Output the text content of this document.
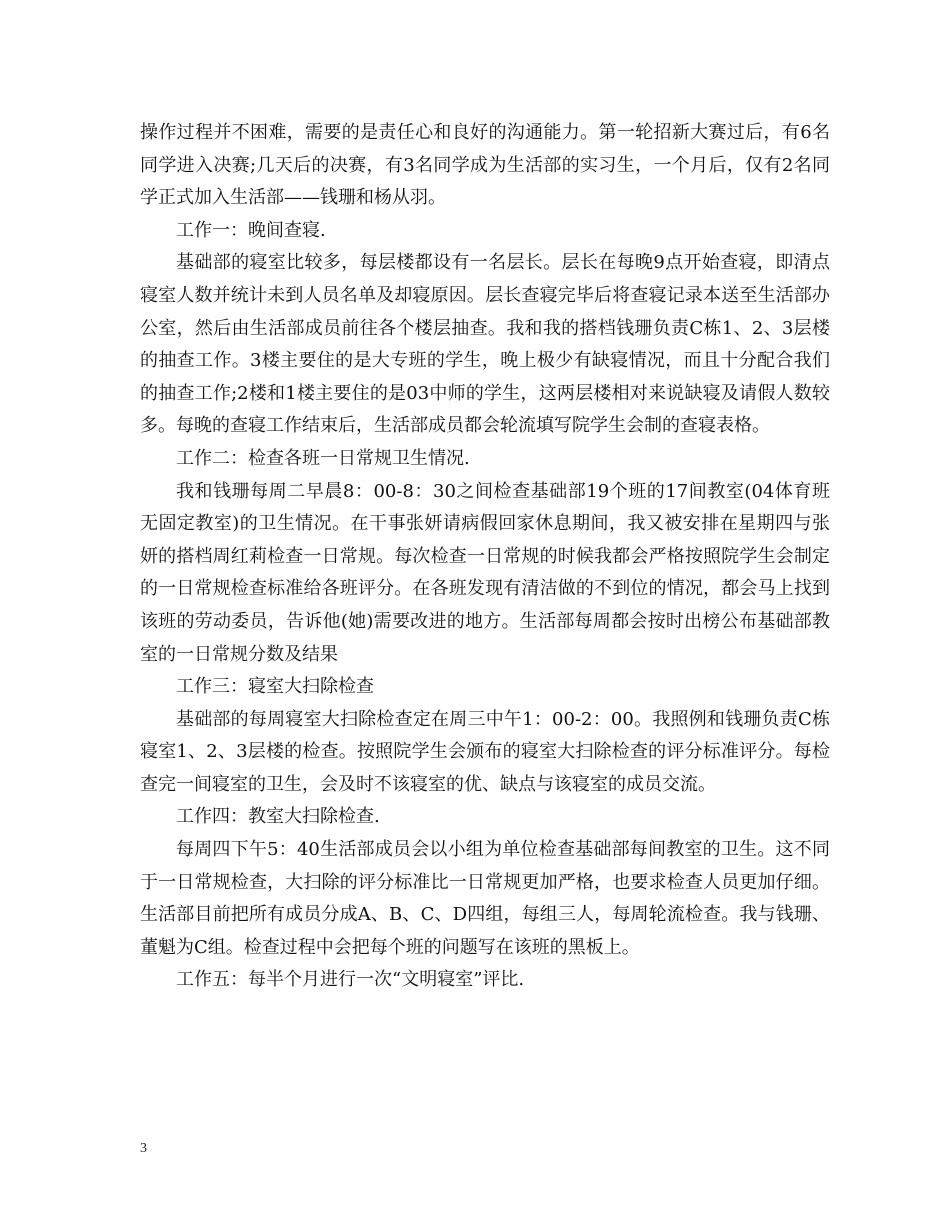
操作过程并不困难，需要的是责任心和良好的沟通能力。第一轮招新大赛过后，有6名同学进入决赛;几天后的决赛，有3名同学成为生活部的实习生，一个月后，仅有2名同学正式加入生活部——钱珊和杨从羽。

工作一：晚间查寝.

基础部的寝室比较多，每层楼都设有一名层长。层长在每晚9点开始查寝，即清点寝室人数并统计未到人员名单及却寝原因。层长查寝完毕后将查寝记录本送至生活部办公室，然后由生活部成员前往各个楼层抽查。我和我的搭档钱珊负责C栋1、2、3层楼的抽查工作。3楼主要住的是大专班的学生，晚上极少有缺寝情况，而且十分配合我们的抽查工作;2楼和1楼主要住的是03中师的学生，这两层楼相对来说缺寝及请假人数较多。每晚的查寝工作结束后，生活部成员都会轮流填写院学生会制的查寝表格。

工作二：检查各班一日常规卫生情况.

我和钱珊每周二早晨8：00-8：30之间检查基础部19个班的17间教室(04体育班无固定教室)的卫生情况。在干事张妍请病假回家休息期间，我又被安排在星期四与张妍的搭档周红莉检查一日常规。每次检查一日常规的时候我都会严格按照院学生会制定的一日常规检查标准给各班评分。在各班发现有清洁做的不到位的情况，都会马上找到该班的劳动委员，告诉他(她)需要改进的地方。生活部每周都会按时出榜公布基础部教室的一日常规分数及结果

工作三：寝室大扫除检查

基础部的每周寝室大扫除检查定在周三中午1：00-2：00。我照例和钱珊负责C栋寝室1、2、3层楼的检查。按照院学生会颁布的寝室大扫除检查的评分标准评分。每检查完一间寝室的卫生，会及时不该寝室的优、缺点与该寝室的成员交流。

工作四：教室大扫除检查.

每周四下午5：40生活部成员会以小组为单位检查基础部每间教室的卫生。这不同于一日常规检查，大扫除的评分标准比一日常规更加严格，也要求检查人员更加仔细。生活部目前把所有成员分成A、B、C、D四组，每组三人，每周轮流检查。我与钱珊、董魁为C组。检查过程中会把每个班的问题写在该班的黑板上。

工作五：每半个月进行一次“文明寝室”评比.

3
